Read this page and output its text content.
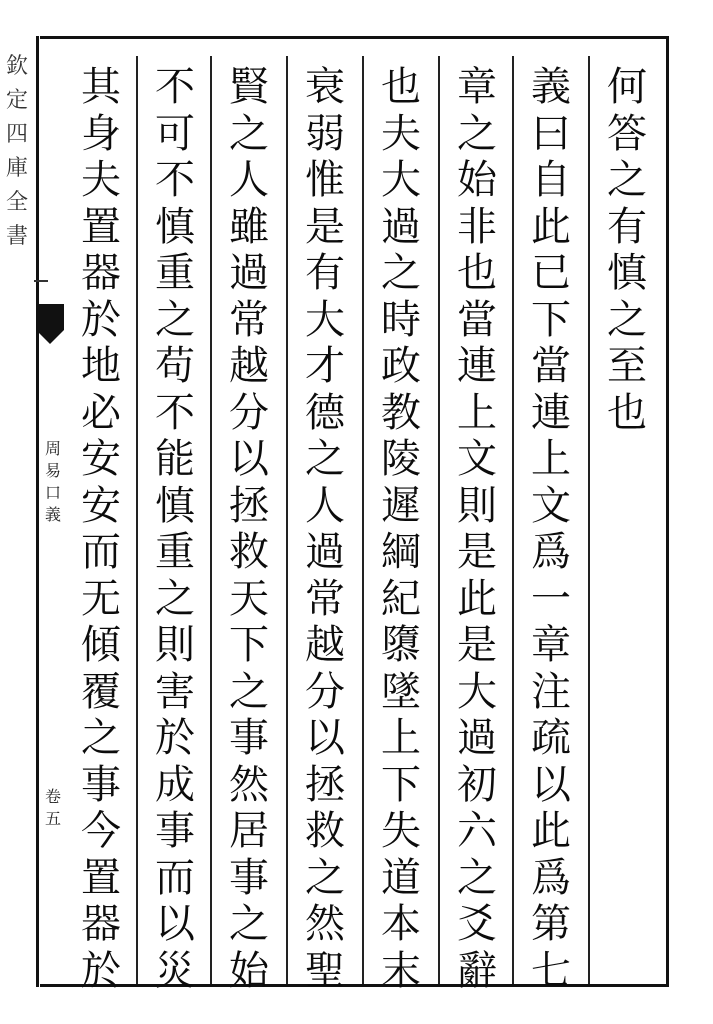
欽定四庫全書
周易口義
卷五
何答之有慎之至也
義曰自此已下當連上文爲一章注疏以此爲第七
章之始非也當連上文則是此是大過初六之爻辭
也夫大過之時政教陵遲綱紀隳墜上下失道本末
衰弱惟是有大才德之人過常越分以拯救之然聖
賢之人雖過常越分以拯救天下之事然居事之始
不可不慎重之苟不能慎重之則害於成事而以災
其身夫置器於地必安安而无傾覆之事今置器於
